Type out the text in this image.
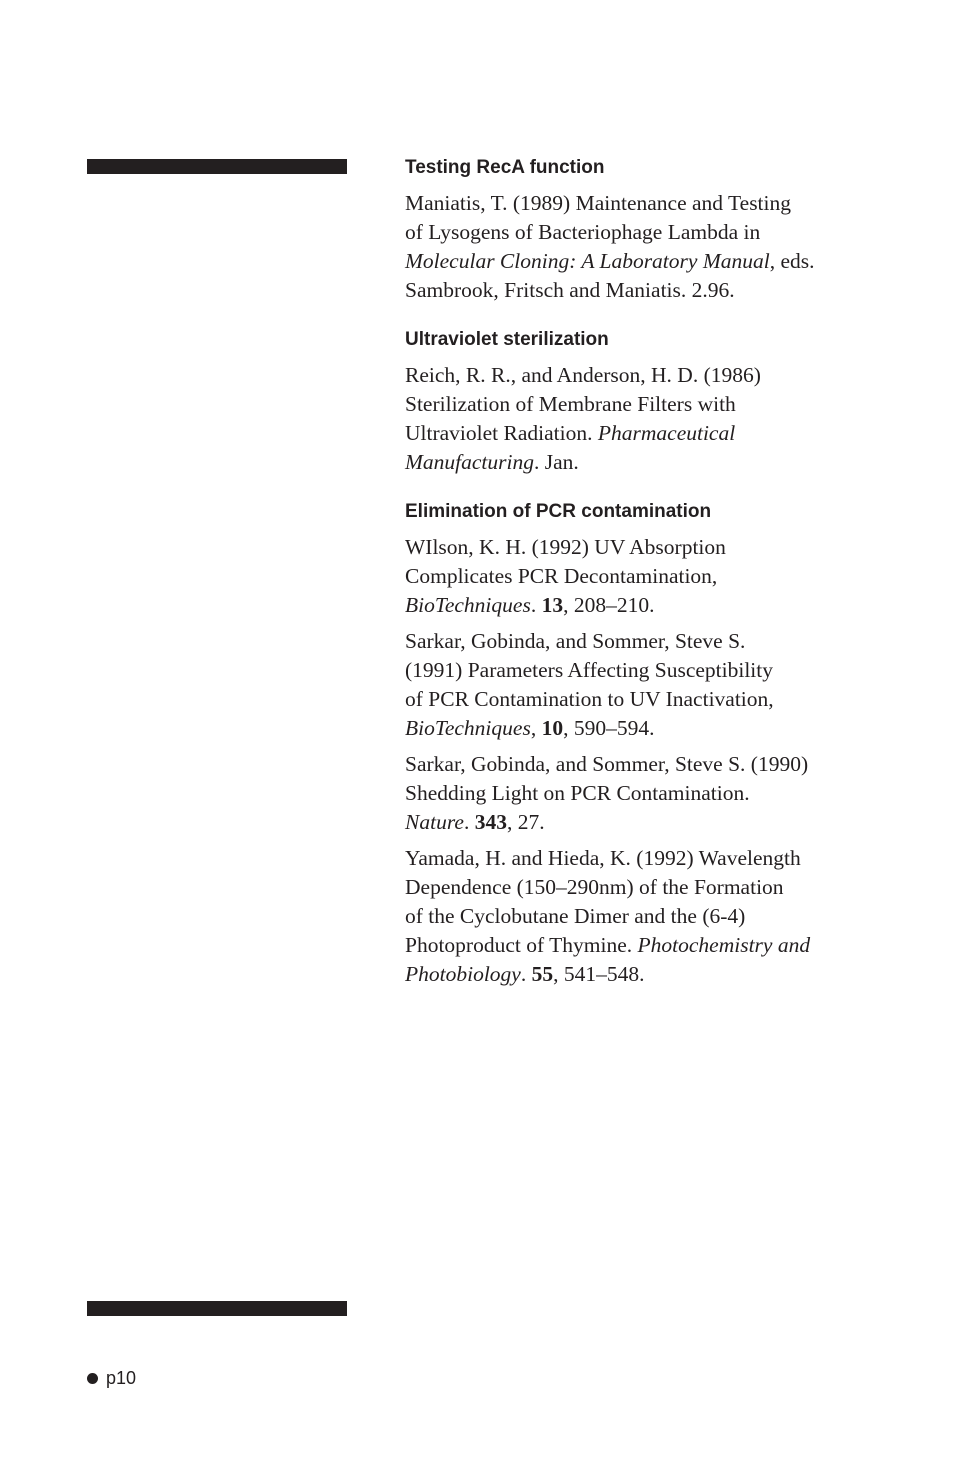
Testing RecA function
Maniatis, T. (1989) Maintenance and Testing
of Lysogens of Bacteriophage Lambda in
Molecular Cloning: A Laboratory Manual, eds.
Sambrook, Fritsch and Maniatis. 2.96.
Ultraviolet sterilization
Reich, R. R., and Anderson, H. D. (1986)
Sterilization of Membrane Filters with
Ultraviolet Radiation. Pharmaceutical
Manufacturing. Jan.
Elimination of PCR contamination
WIlson, K. H. (1992) UV Absorption
Complicates PCR Decontamination,
BioTechniques. 13, 208–210.
Sarkar, Gobinda, and Sommer, Steve S.
(1991) Parameters Affecting Susceptibility
of PCR Contamination to UV Inactivation,
BioTechniques, 10, 590–594.
Sarkar, Gobinda, and Sommer, Steve S. (1990)
Shedding Light on PCR Contamination.
Nature. 343, 27.
Yamada, H. and Hieda, K. (1992) Wavelength
Dependence (150–290nm) of the Formation
of the Cyclobutane Dimer and the (6-4)
Photoproduct of Thymine. Photochemistry and
Photobiology. 55, 541–548.
p10
